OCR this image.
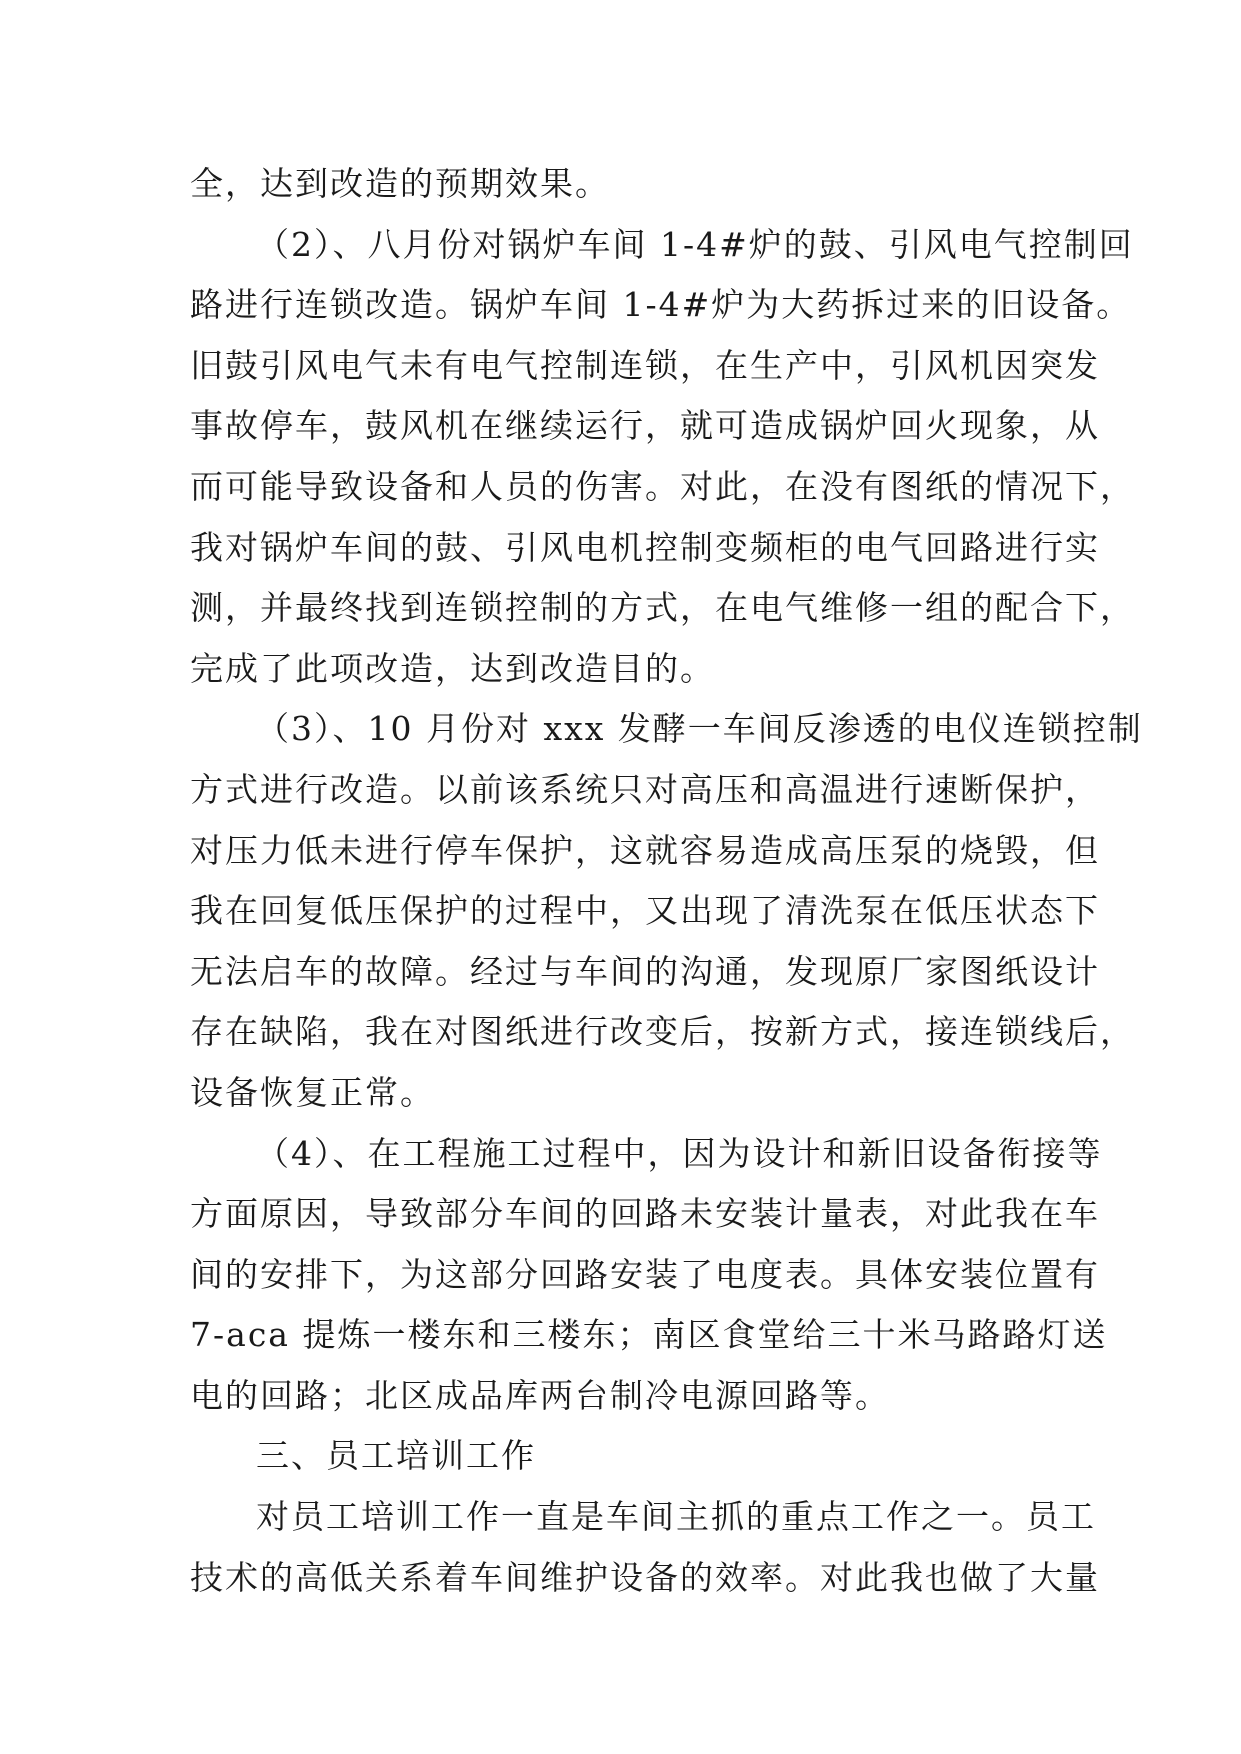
全，达到改造的预期效果。
（2）、八月份对锅炉车间 1-4#炉的鼓、引风电气控制回
路进行连锁改造。锅炉车间 1-4#炉为大药拆过来的旧设备。
旧鼓引风电气未有电气控制连锁，在生产中，引风机因突发
事故停车，鼓风机在继续运行，就可造成锅炉回火现象，从
而可能导致设备和人员的伤害。对此，在没有图纸的情况下，
我对锅炉车间的鼓、引风电机控制变频柜的电气回路进行实
测，并最终找到连锁控制的方式，在电气维修一组的配合下，
完成了此项改造，达到改造目的。
（3）、10 月份对 xxx 发酵一车间反渗透的电仪连锁控制
方式进行改造。以前该系统只对高压和高温进行速断保护，
对压力低未进行停车保护，这就容易造成高压泵的烧毁，但
我在回复低压保护的过程中，又出现了清洗泵在低压状态下
无法启车的故障。经过与车间的沟通，发现原厂家图纸设计
存在缺陷，我在对图纸进行改变后，按新方式，接连锁线后，
设备恢复正常。
（4）、在工程施工过程中，因为设计和新旧设备衔接等
方面原因，导致部分车间的回路未安装计量表，对此我在车
间的安排下，为这部分回路安装了电度表。具体安装位置有
7-aca 提炼一楼东和三楼东；南区食堂给三十米马路路灯送
电的回路；北区成品库两台制冷电源回路等。
三、员工培训工作
对员工培训工作一直是车间主抓的重点工作之一。员工
技术的高低关系着车间维护设备的效率。对此我也做了大量
